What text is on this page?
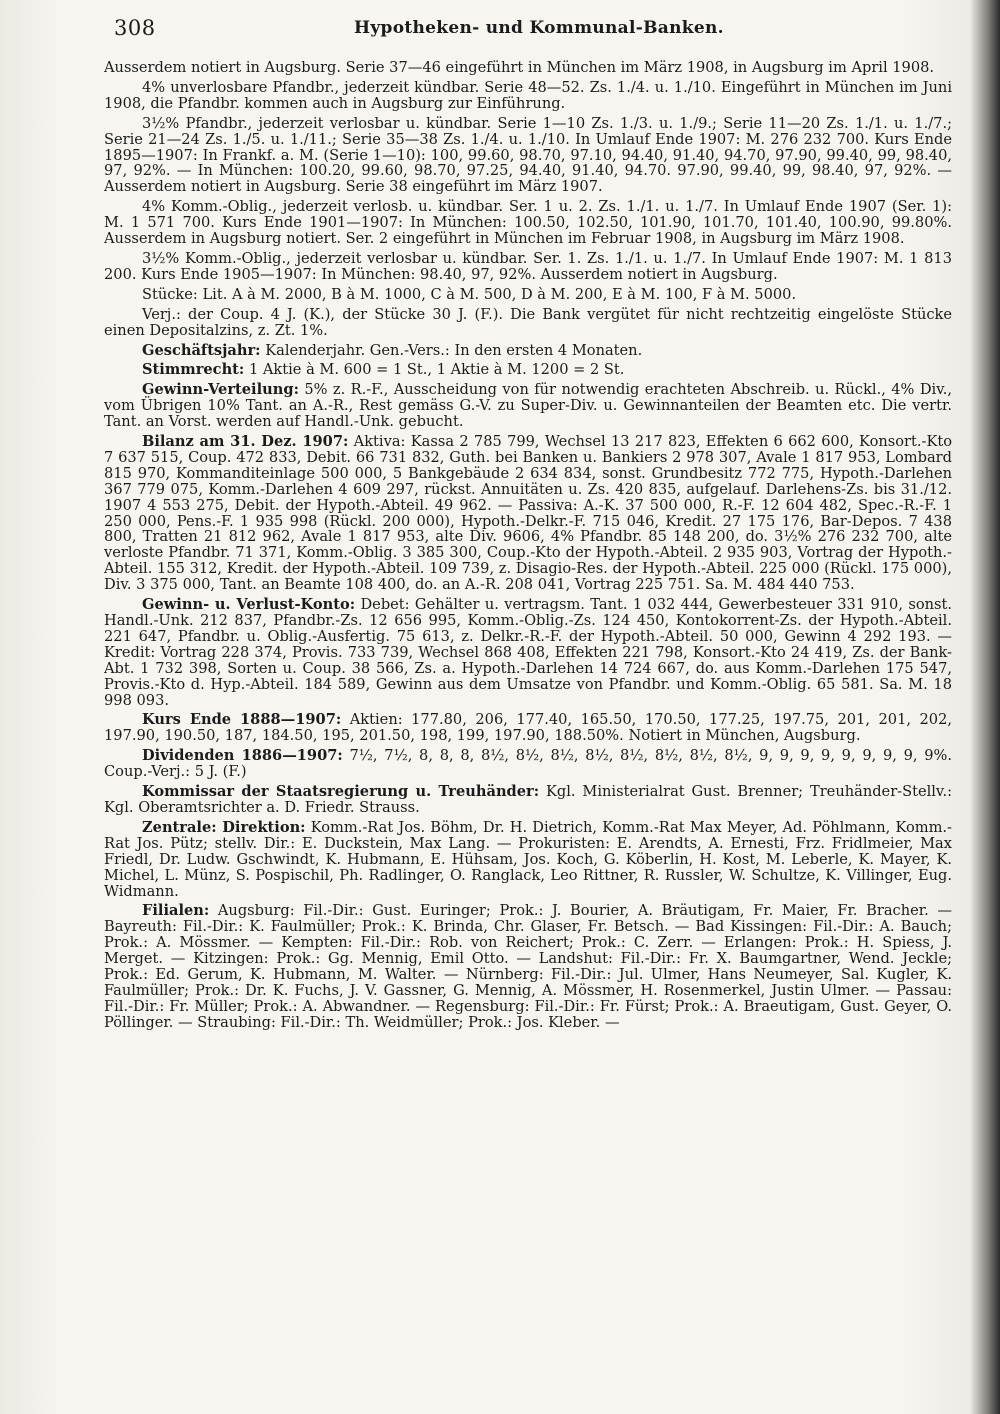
308	Hypotheken- und Kommunal-Banken.

Ausserdem notiert in Augsburg. Serie 37—46 eingeführt in München im März 1908, in Augsburg im April 1908.

4% unverlosbare Pfandbr., jederzeit kündbar. Serie 48—52. Zs. 1./4. u. 1./10. Eingeführt in München im Juni 1908, die Pfandbr. kommen auch in Augsburg zur Einführung.

3½% Pfandbr., jederzeit verlosbar u. kündbar. Serie 1—10 Zs. 1./3. u. 1./9.; Serie 11—20 Zs. 1./1. u. 1./7.; Serie 21—24 Zs. 1./5. u. 1./11.; Serie 35—38 Zs. 1./4. u. 1./10. In Umlauf Ende 1907: M. 276 232 700. Kurs Ende 1895—1907: In Frankf. a. M. (Serie 1—10): 100, 99.60, 98.70, 97.10, 94.40, 91.40, 94.70, 97.90, 99.40, 99, 98.40, 97, 92%. — In München: 100.20, 99.60, 98.70, 97.25, 94.40, 91.40, 94.70. 97.90, 99.40, 99, 98.40, 97, 92%. — Ausserdem notiert in Augsburg. Serie 38 eingeführt im März 1907.

4% Komm.-Oblig., jederzeit verlosb. u. kündbar. Ser. 1 u. 2. Zs. 1./1. u. 1./7. In Umlauf Ende 1907 (Ser. 1): M. 1 571 700. Kurs Ende 1901—1907: In München: 100.50, 102.50, 101.90, 101.70, 101.40, 100.90, 99.80%. Ausserdem in Augsburg notiert. Ser. 2 eingeführt in München im Februar 1908, in Augsburg im März 1908.

3½% Komm.-Oblig., jederzeit verlosbar u. kündbar. Ser. 1. Zs. 1./1. u. 1./7. In Umlauf Ende 1907: M. 1 813 200. Kurs Ende 1905—1907: In München: 98.40, 97, 92%. Ausserdem notiert in Augsburg.

Stücke: Lit. A à M. 2000, B à M. 1000, C à M. 500, D à M. 200, E à M. 100, F à M. 5000.

Verj.: der Coup. 4 J. (K.), der Stücke 30 J. (F.). Die Bank vergütet für nicht rechtzeitig eingelöste Stücke einen Depositalzins, z. Zt. 1%.

Geschäftsjahr: Kalenderjahr. Gen.-Vers.: In den ersten 4 Monaten.

Stimmrecht: 1 Aktie à M. 600 = 1 St., 1 Aktie à M. 1200 = 2 St.

Gewinn-Verteilung: 5% z. R.-F., Ausscheidung von für notwendig erachteten Abschreib. u. Rückl., 4% Div., vom Übrigen 10% Tant. an A.-R., Rest gemäss G.-V. zu Super-Div. u. Gewinnanteilen der Beamten etc. Die vertr. Tant. an Vorst. werden auf Handl.-Unk. gebucht.

Bilanz am 31. Dez. 1907: Aktiva: Kassa 2 785 799, Wechsel 13 217 823, Effekten 6 662 600, Konsort.-Kto 7 637 515, Coup. 472 833, Debit. 66 731 832, Guth. bei Banken u. Bankiers 2 978 307, Avale 1 817 953, Lombard 815 970, Kommanditeinlage 500 000, 5 Bankgebäude 2 634 834, sonst. Grundbesitz 772 775, Hypoth.-Darlehen 367 779 075, Komm.-Darlehen 4 609 297, rückst. Annuitäten u. Zs. 420 835, aufgelauf. Darlehens-Zs. bis 31./12. 1907 4 553 275, Debit. der Hypoth.-Abteil. 49 962. — Passiva: A.-K. 37 500 000, R.-F. 12 604 482, Spec.-R.-F. 1 250 000, Pens.-F. 1 935 998 (Rückl. 200 000), Hypoth.-Delkr.-F. 715 046, Kredit. 27 175 176, Bar-Depos. 7 438 800, Tratten 21 812 962, Avale 1 817 953, alte Div. 9606, 4% Pfandbr. 85 148 200, do. 3½% 276 232 700, alte verloste Pfandbr. 71 371, Komm.-Oblig. 3 385 300, Coup.-Kto der Hypoth.-Abteil. 2 935 903, Vortrag der Hypoth.-Abteil. 155 312, Kredit. der Hypoth.-Abteil. 109 739, z. Disagio-Res. der Hypoth.-Abteil. 225 000 (Rückl. 175 000), Div. 3 375 000, Tant. an Beamte 108 400, do. an A.-R. 208 041, Vortrag 225 751. Sa. M. 484 440 753.

Gewinn- u. Verlust-Konto: Debet: Gehälter u. vertragsm. Tant. 1 032 444, Gewerbesteuer 331 910, sonst. Handl.-Unk. 212 837, Pfandbr.-Zs. 12 656 995, Komm.-Oblig.-Zs. 124 450, Kontokorrent-Zs. der Hypoth.-Abteil. 221 647, Pfandbr. u. Oblig.-Ausfertig. 75 613, z. Delkr.-R.-F. der Hypoth.-Abteil. 50 000, Gewinn 4 292 193. — Kredit: Vortrag 228 374, Provis. 733 739, Wechsel 868 408, Effekten 221 798, Konsort.-Kto 24 419, Zs. der Bank-Abt. 1 732 398, Sorten u. Coup. 38 566, Zs. a. Hypoth.-Darlehen 14 724 667, do. aus Komm.-Darlehen 175 547, Provis.-Kto d. Hyp.-Abteil. 184 589, Gewinn aus dem Umsatze von Pfandbr. und Komm.-Oblig. 65 581. Sa. M. 18 998 093.

Kurs Ende 1888—1907: Aktien: 177.80, 206, 177.40, 165.50, 170.50, 177.25, 197.75, 201, 201, 202, 197.90, 190.50, 187, 184.50, 195, 201.50, 198, 199, 197.90, 188.50%. Notiert in München, Augsburg.

Dividenden 1886—1907: 7½, 7½, 8, 8, 8, 8½, 8½, 8½, 8½, 8½, 8½, 8½, 8½, 9, 9, 9, 9, 9, 9, 9, 9, 9%. Coup.-Verj.: 5 J. (F.)

Kommissar der Staatsregierung u. Treuhänder: Kgl. Ministerialrat Gust. Brenner; Treuhänder-Stellv.: Kgl. Oberamtsrichter a. D. Friedr. Strauss.

Zentrale: Direktion: Komm.-Rat Jos. Böhm, Dr. H. Dietrich, Komm.-Rat Max Meyer, Ad. Pöhlmann, Komm.-Rat Jos. Pütz; stellv. Dir.: E. Duckstein, Max Lang. — Prokuristen: E. Arendts, A. Ernesti, Frz. Fridlmeier, Max Friedl, Dr. Ludw. Gschwindt, K. Hubmann, E. Hühsam, Jos. Koch, G. Köberlin, H. Kost, M. Leberle, K. Mayer, K. Michel, L. Münz, S. Pospischil, Ph. Radlinger, O. Ranglack, Leo Rittner, R. Russler, W. Schultze, K. Villinger, Eug. Widmann.

Filialen: Augsburg: Fil.-Dir.: Gust. Euringer; Prok.: J. Bourier, A. Bräutigam, Fr. Maier, Fr. Bracher. — Bayreuth: Fil.-Dir.: K. Faulmüller; Prok.: K. Brinda, Chr. Glaser, Fr. Betsch. — Bad Kissingen: Fil.-Dir.: A. Bauch; Prok.: A. Mössmer. — Kempten: Fil.-Dir.: Rob. von Reichert; Prok.: C. Zerr. — Erlangen: Prok.: H. Spiess, J. Merget. — Kitzingen: Prok.: Gg. Mennig, Emil Otto. — Landshut: Fil.-Dir.: Fr. X. Baumgartner, Wend. Jeckle; Prok.: Ed. Gerum, K. Hubmann, M. Walter. — Nürnberg: Fil.-Dir.: Jul. Ulmer, Hans Neumeyer, Sal. Kugler, K. Faulmüller; Prok.: Dr. K. Fuchs, J. V. Gassner, G. Mennig, A. Mössmer, H. Rosenmerkel, Justin Ulmer. — Passau: Fil.-Dir.: Fr. Müller; Prok.: A. Abwandner. — Regensburg: Fil.-Dir.: Fr. Fürst; Prok.: A. Braeutigam, Gust. Geyer, O. Pöllinger. — Straubing: Fil.-Dir.: Th. Weidmüller; Prok.: Jos. Kleber. —
